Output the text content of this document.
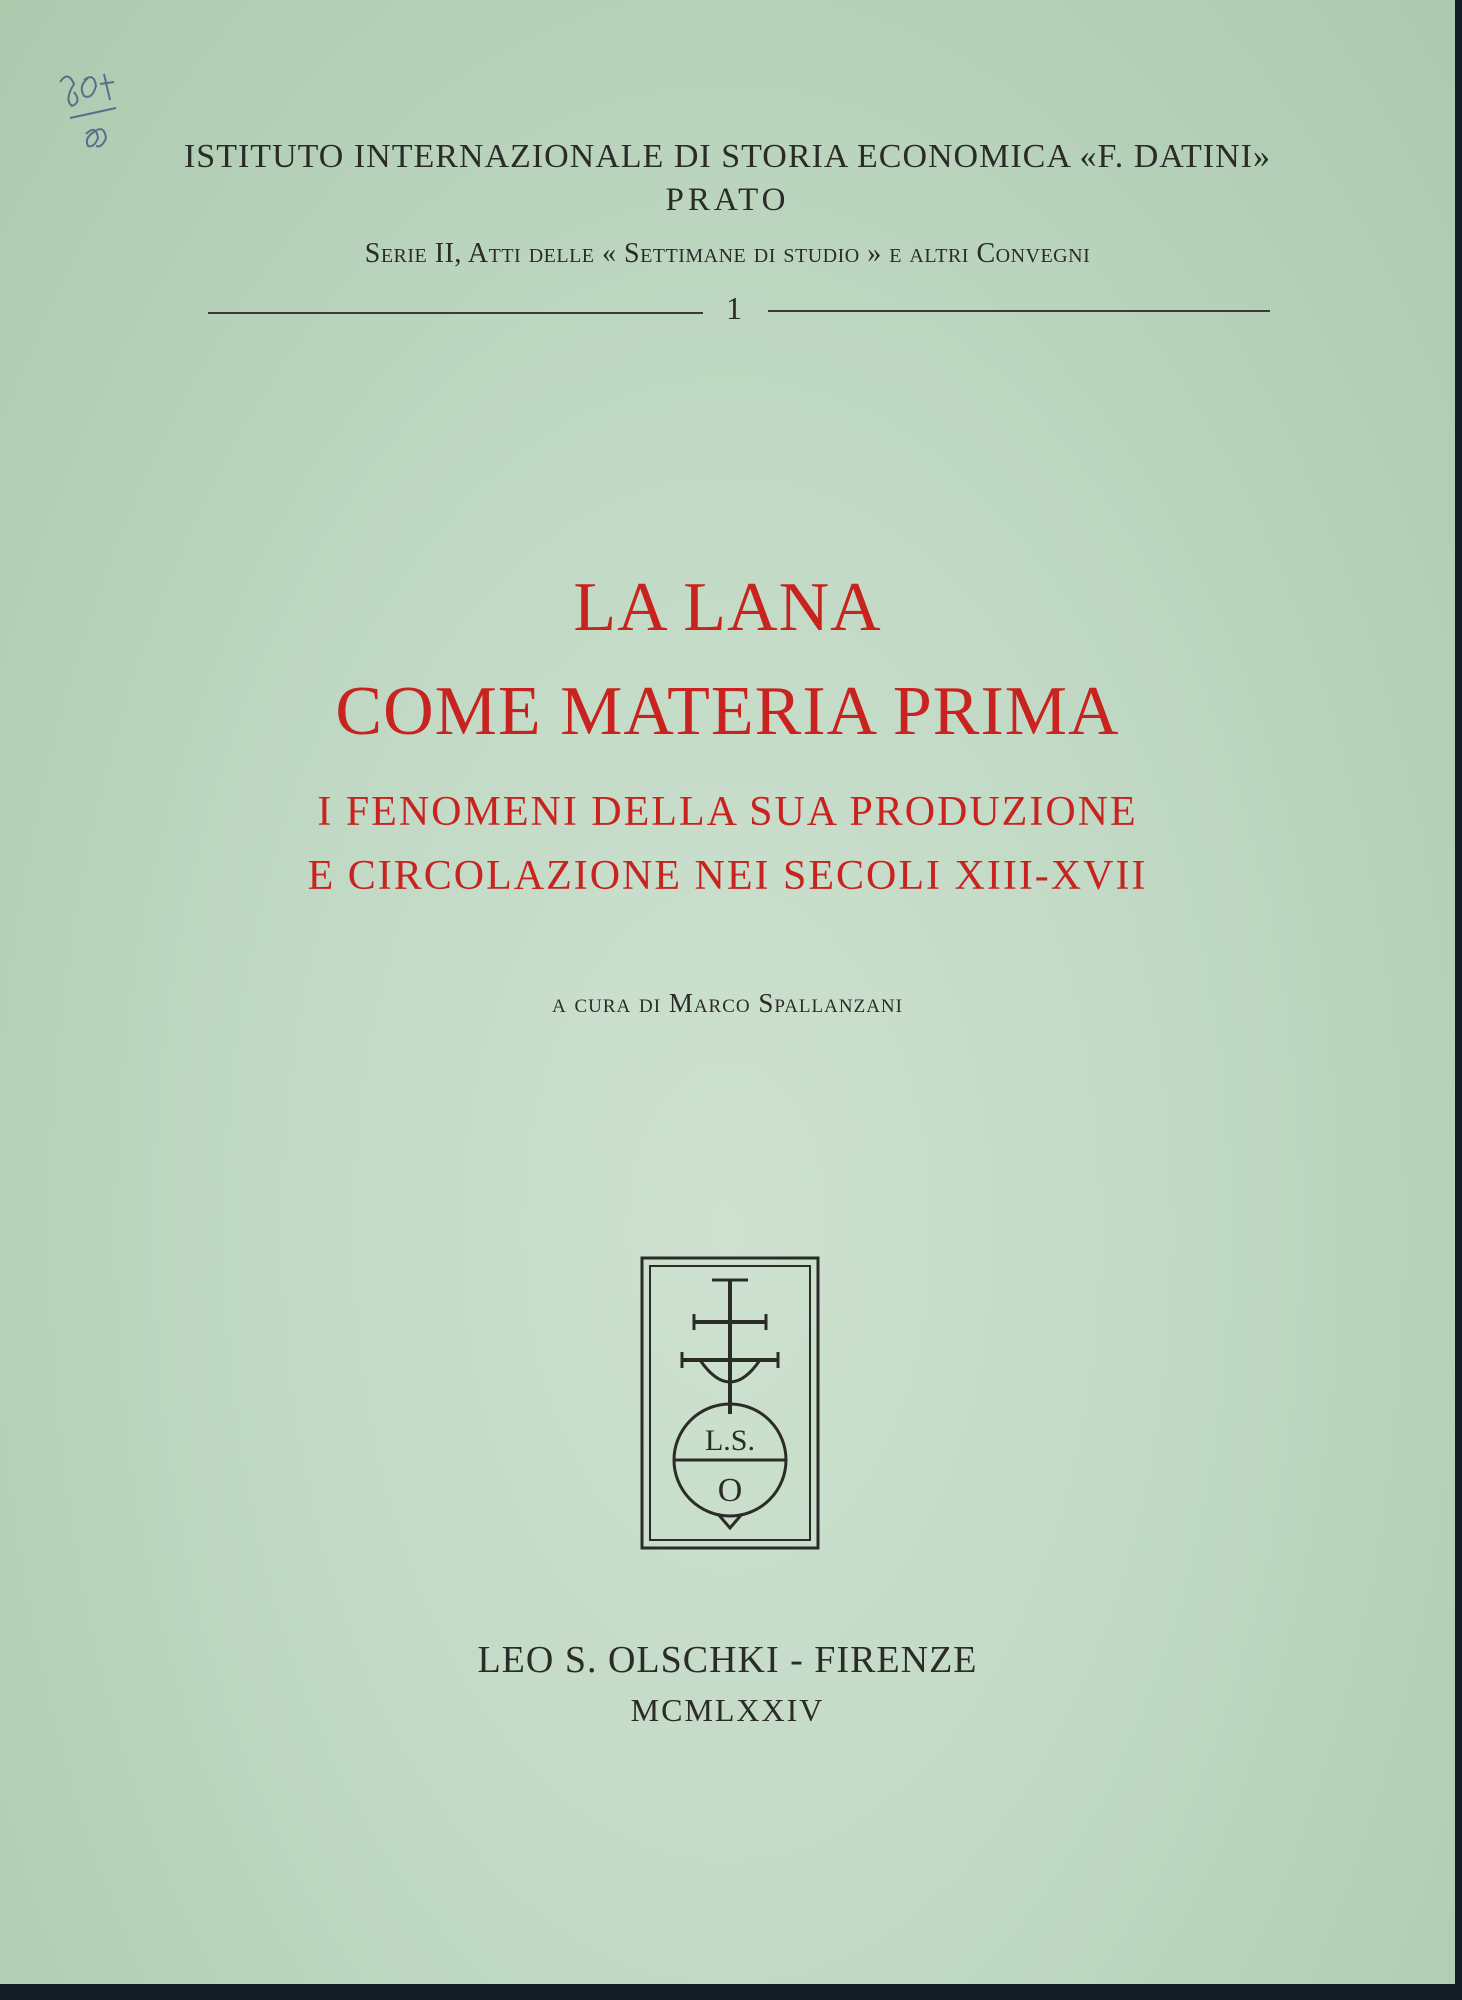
ISTITUTO INTERNAZIONALE DI STORIA ECONOMICA «F. DATINI»
PRATO
Serie II, Atti delle « Settimane di studio » e altri Convegni
1
LA LANA
COME MATERIA PRIMA
I FENOMENI DELLA SUA PRODUZIONE
E CIRCOLAZIONE NEI SECOLI XIII-XVII
a cura di Marco Spallanzani
L.S.
O
LEO S. OLSCHKI - FIRENZE
MCMLXXIV
